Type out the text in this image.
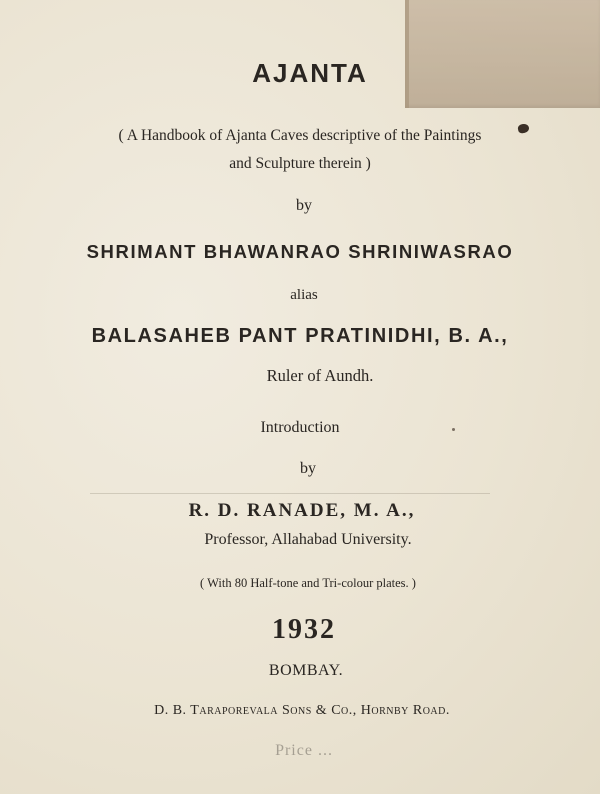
AJANTA
( A Handbook of Ajanta Caves descriptive of the Paintings
and Sculpture therein )
by
SHRIMANT BHAWANRAO SHRINIWASRAO
alias
BALASAHEB PANT PRATINIDHI, B. A.,
Ruler of Aundh.
Introduction
by
R. D. RANADE, M. A.,
Professor, Allahabad University.
( With 80 Half-tone and Tri-colour plates. )
1932
BOMBAY.
D. B. Taraporevala Sons & Co., Hornby Road.
Price ...
